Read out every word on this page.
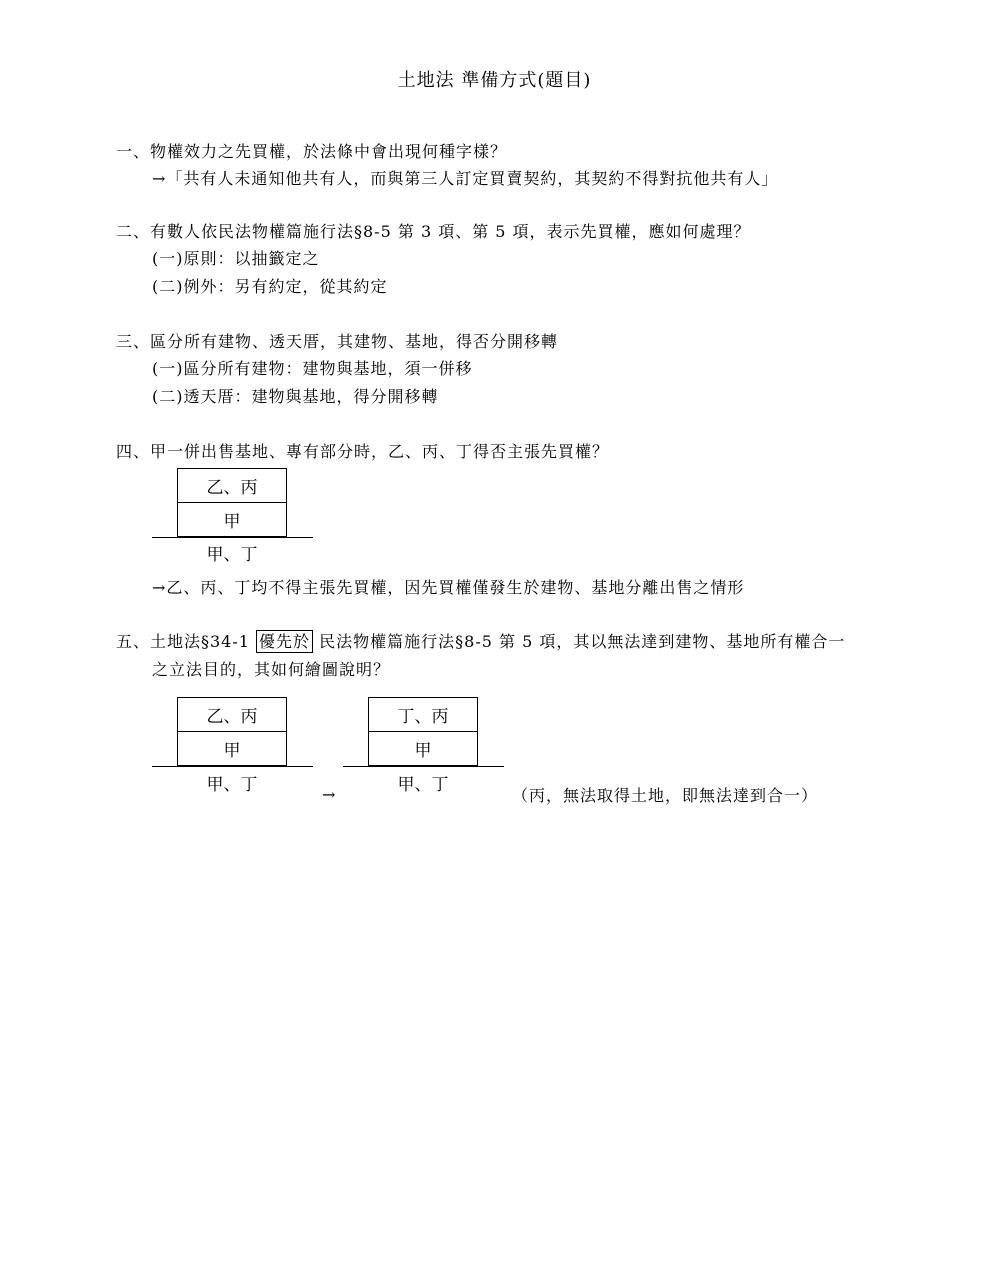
土地法 準備方式(題目)
一、物權效力之先買權，於法條中會出現何種字樣？
→「共有人未通知他共有人，而與第三人訂定買賣契約，其契約不得對抗他共有人」
二、有數人依民法物權篇施行法§8-5 第 3 項、第 5 項，表示先買權，應如何處理？
(一)原則：以抽籤定之
(二)例外：另有約定，從其約定
三、區分所有建物、透天厝，其建物、基地，得否分開移轉
(一)區分所有建物：建物與基地，須一併移
(二)透天厝：建物與基地，得分開移轉
四、甲一併出售基地、專有部分時，乙、丙、丁得否主張先買權？
乙、丙
甲
甲、丁
→乙、丙、丁均不得主張先買權，因先買權僅發生於建物、基地分離出售之情形
五、土地法§34-1 優先於 民法物權篇施行法§8-5 第 5 項，其以無法達到建物、基地所有權合一
之立法目的，其如何繪圖說明？
乙、丙
甲
甲、丁	→
丁、丙
甲
甲、丁
（丙，無法取得土地，即無法達到合一）
